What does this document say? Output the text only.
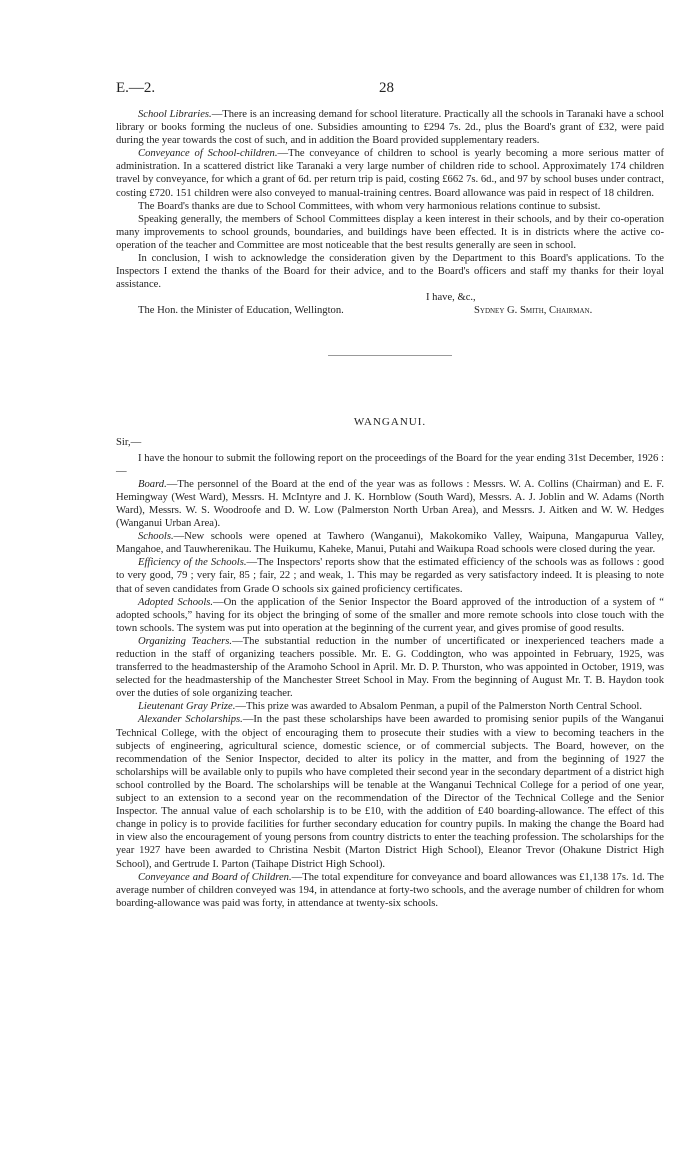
E.—2.	28

School Libraries.—There is an increasing demand for school literature. Practically all the schools in Taranaki have a school library or books forming the nucleus of one. Subsidies amounting to £294 7s. 2d., plus the Board's grant of £32, were paid during the year towards the cost of such, and in addition the Board provided supplementary readers.

Conveyance of School-children.—The conveyance of children to school is yearly becoming a more serious matter of administration. In a scattered district like Taranaki a very large number of children ride to school. Approximately 174 children travel by conveyance, for which a grant of 6d. per return trip is paid, costing £662 7s. 6d., and 97 by school buses under contract, costing £720. 151 children were also conveyed to manual-training centres. Board allowance was paid in respect of 18 children.

The Board's thanks are due to School Committees, with whom very harmonious relations continue to subsist.

Speaking generally, the members of School Committees display a keen interest in their schools, and by their co-operation many improvements to school grounds, boundaries, and buildings have been effected. It is in districts where the active co-operation of the teacher and Committee are most noticeable that the best results generally are seen in school.

In conclusion, I wish to acknowledge the consideration given by the Department to this Board's applications. To the Inspectors I extend the thanks of the Board for their advice, and to the Board's officers and staff my thanks for their loyal assistance.

I have, &c.,
The Hon. the Minister of Education, Wellington.	Sydney G. Smith, Chairman.
WANGANUI.

Sir,—

I have the honour to submit the following report on the proceedings of the Board for the year ending 31st December, 1926 :—

Board.—The personnel of the Board at the end of the year was as follows : Messrs. W. A. Collins (Chairman) and E. F. Hemingway (West Ward), Messrs. H. McIntyre and J. K. Hornblow (South Ward), Messrs. A. J. Joblin and W. Adams (North Ward), Messrs. W. S. Woodroofe and D. W. Low (Palmerston North Urban Area), and Messrs. J. Aitken and W. W. Hedges (Wanganui Urban Area).

Schools.—New schools were opened at Tawhero (Wanganui), Makokomiko Valley, Waipuna, Mangapurua Valley, Mangahoe, and Tauwherenikau. The Huikumu, Kaheke, Manui, Putahi and Waikupa Road schools were closed during the year.

Efficiency of the Schools.—The Inspectors' reports show that the estimated efficiency of the schools was as follows : good to very good, 79 ; very fair, 85 ; fair, 22 ; and weak, 1. This may be regarded as very satisfactory indeed. It is pleasing to note that of seven candidates from Grade O schools six gained proficiency certificates.

Adopted Schools.—On the application of the Senior Inspector the Board approved of the introduction of a system of “ adopted schools,” having for its object the bringing of some of the smaller and more remote schools into close touch with the town schools. The system was put into operation at the beginning of the current year, and gives promise of good results.

Organizing Teachers.—The substantial reduction in the number of uncertificated or inexperienced teachers made a reduction in the staff of organizing teachers possible. Mr. E. G. Coddington, who was appointed in February, 1925, was transferred to the headmastership of the Aramoho School in April. Mr. D. P. Thurston, who was appointed in October, 1919, was selected for the headmastership of the Manchester Street School in May. From the beginning of August Mr. T. B. Haydon took over the duties of sole organizing teacher.

Lieutenant Gray Prize.—This prize was awarded to Absalom Penman, a pupil of the Palmerston North Central School.

Alexander Scholarships.—In the past these scholarships have been awarded to promising senior pupils of the Wanganui Technical College, with the object of encouraging them to prosecute their studies with a view to becoming teachers in the subjects of engineering, agricultural science, domestic science, or of commercial subjects. The Board, however, on the recommendation of the Senior Inspector, decided to alter its policy in the matter, and from the beginning of 1927 the scholarships will be available only to pupils who have completed their second year in the secondary department of a district high school controlled by the Board. The scholarships will be tenable at the Wanganui Technical College for a period of one year, subject to an extension to a second year on the recommendation of the Director of the Technical College and the Senior Inspector. The annual value of each scholarship is to be £10, with the addition of £40 boarding-allowance. The effect of this change in policy is to provide facilities for further secondary education for country pupils. In making the change the Board had in view also the encouragement of young persons from country districts to enter the teaching profession. The scholarships for the year 1927 have been awarded to Christina Nesbit (Marton District High School), Eleanor Trevor (Ohakune District High School), and Gertrude I. Parton (Taihape District High School).

Conveyance and Board of Children.—The total expenditure for conveyance and board allowances was £1,138 17s. 1d. The average number of children conveyed was 194, in attendance at forty-two schools, and the average number of children for whom boarding-allowance was paid was forty, in attendance at twenty-six schools.
